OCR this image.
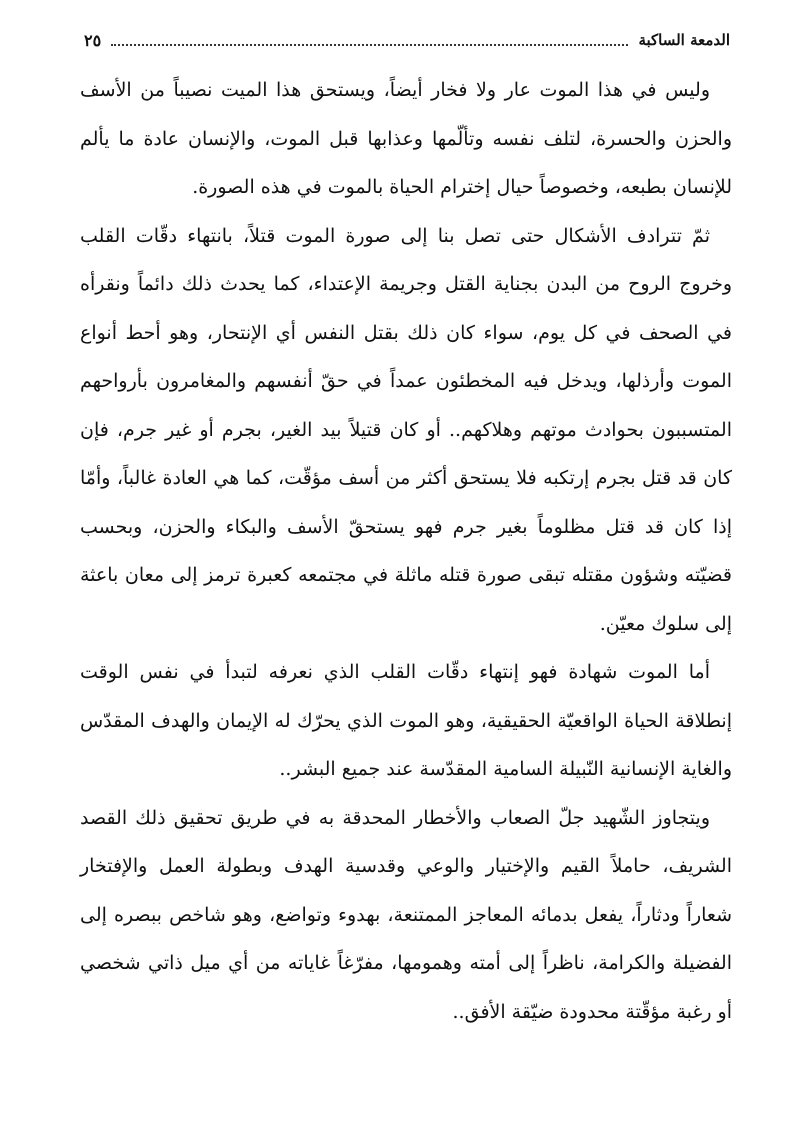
الدمعة الساكبة
٢٥

وليس في هذا الموت عار ولا فخار أيضاً، ويستحق هذا الميت نصيباً من الأسف والحزن والحسرة، لتلف نفسه وتألّمها وعذابها قبل الموت، والإنسان عادة ما يألم للإنسان بطبعه، وخصوصاً حيال إخترام الحياة بالموت في هذه الصورة.

ثمّ تترادف الأشكال حتى تصل بنا إلى صورة الموت قتلاً، بانتهاء دقّات القلب وخروج الروح من البدن بجناية القتل وجريمة الإعتداء، كما يحدث ذلك دائماً ونقرأه في الصحف في كل يوم، سواء كان ذلك بقتل النفس أي الإنتحار، وهو أحط أنواع الموت وأرذلها، ويدخل فيه المخطئون عمداً في حقّ أنفسهم والمغامرون بأرواحهم المتسببون بحوادث موتهم وهلاكهم.. أو كان قتيلاً بيد الغير، بجرم أو غير جرم، فإن كان قد قتل بجرم إرتكبه فلا يستحق أكثر من أسف مؤقّت، كما هي العادة غالباً، وأمّا إذا كان قد قتل مظلوماً بغير جرم فهو يستحقّ الأسف والبكاء والحزن، وبحسب قضيّته وشؤون مقتله تبقى صورة قتله ماثلة في مجتمعه كعبرة ترمز إلى معان باعثة إلى سلوك معيّن.

أما الموت شهادة فهو إنتهاء دقّات القلب الذي نعرفه لتبدأ في نفس الوقت إنطلاقة الحياة الواقعيّة الحقيقية، وهو الموت الذي يحرّك له الإيمان والهدف المقدّس والغاية الإنسانية النّبيلة السامية المقدّسة عند جميع البشر..

ويتجاوز الشّهيد جلّ الصعاب والأخطار المحدقة به في طريق تحقيق ذلك القصد الشريف، حاملاً القيم والإختيار والوعي وقدسية الهدف وبطولة العمل والإفتخار شعاراً ودثاراً، يفعل بدمائه المعاجز الممتنعة، بهدوء وتواضع، وهو شاخص ببصره إلى الفضيلة والكرامة، ناظراً إلى أمته وهمومها، مفرّغاً غاياته من أي ميل ذاتي شخصي أو رغبة مؤقّتة محدودة ضيّقة الأفق..
